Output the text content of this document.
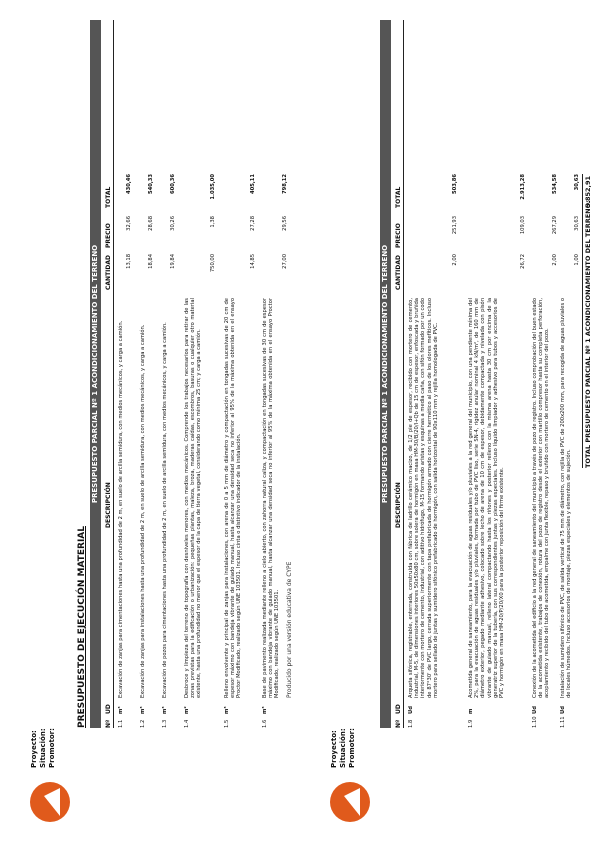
Proyecto: Situación: Promotor:
PRESUPUESTO DE EJECUCIÓN MATERIAL
PRESUPUESTO PARCIAL Nº 1 ACONDICIONAMIENTO DEL TERRENO
Nº
UD
DESCRIPCIÓN
CANTIDAD
PRECIO
TOTAL
1.1
m³
Excavación de zanjas para cimentaciones hasta una profundidad de 2 m, en suelo de arcilla semidura, con medios mecánicos, y carga a camión.
13,18
32,66
430,46
1.2
m³
Excavación de zanjas para instalaciones hasta una profundidad de 2 m, en suelo de arcilla semidura, con medios mecánicos, y carga a camión.
18,84
28,68
540,33
1.3
m³
Excavación de pozos para cimentaciones hasta una profundidad de 2 m, en suelo de arcilla semidura, con medios mecánicos, y carga a camión.
19,84
30,26
600,36
1.4
m²
Desbroce y limpieza del terreno de topografía con desniveles menores, con medios mecánicos. Comprende los trabajos necesarios para retirar de las zonas previstas para la edificación o urbanización: pequeñas plantas, maleza, broza, maderas caídas, escombros, basuras o cualquier otro material existente, hasta una profundidad no menor que el espesor de la capa de tierra vegetal, considerando como mínima 25 cm; y carga a camión.
750,00
1,38
1.035,00
1.5
m³
Relleno envolvente y principal de zanjas para instalaciones, con arena de 0 a 5 mm de diámetro y compactación en tongadas sucesivas de 20 cm de espesor máximo con bandeja vibrante de guiado manual, hasta alcanzar una densidad seca no inferior al 95% de la máxima obtenida en el ensayo Proctor Modificado, realizado según UNE 103501. Incluso cinta o distintivo indicador de la instalación.
14,85
27,28
405,11
1.6
m³
Base de pavimento realizada mediante relleno a cielo abierto, con zahorra natural caliza, y compactación en tongadas sucesivas de 30 cm de espesor máximo con bandeja vibrante de guiado manual, hasta alcanzar una densidad seca no inferior al 95% de la máxima obtenida en el ensayo Proctor Modificado, realizado según UNE 103501.
27,00
29,56
798,12
Producido por una versión educativa de CYPE
Proyecto: Situación: Promotor:
PRESUPUESTO PARCIAL Nº 1 ACONDICIONAMIENTO DEL TERRENO
Nº
UD
DESCRIPCIÓN
CANTIDAD
PRECIO
TOTAL
1.8
Ud
Arqueta sifónica, registrable, enterrada, construida con fábrica de ladrillo cerámico macizo, de 1/2 pie de espesor, recibido con mortero de cemento, industrial, M-5, de dimensiones interiores 50x50x80 cm, sobre solera de hormigón en masa HM-30/B/20/I+Qb de 15 cm de espesor, enfoscada y bruñida interiormente con mortero de cemento, industrial, con aditivo hidrófugo, M-15 formando aristas y esquinas a media caña, con sifón formado por un codo de 87°30' de PVC largo, cerrada superiormente con tapa prefabricada de hormigón armado con cierre hermético al paso de los olores mefíticos. Incluso mortero para sellado de juntas y sumidero sifónico prefabricado de hormigón, con salida horizontal de 90x110 mm y rejilla homologada de PVC.
2,00
251,93
503,86
1.9
m
Acometida general de saneamiento, para la evacuación de aguas residuales y/o pluviales a la red general del municipio, con una pendiente mínima del 2%, para la evacuación de aguas residuales y/o pluviales, formada por tubo de PVC liso, serie SN-4, rigidez anular nominal 4 kN/m², de 160 mm de diámetro exterior, pegado mediante adhesivo, colocado sobre lecho de arena de 10 cm de espesor, debidamente compactada y nivelada con pisón vibrante de guiado manual, relleno lateral compactando hasta los riñones y posterior relleno con la misma arena hasta 30 cm por encima de la generatriz superior de la tubería, con sus correspondientes juntas y piezas especiales. Incluso líquido limpiador y adhesivo para tubos y accesorios de PVC y hormigón en masa HM-20/P/20/X0 para la posterior reposición del firme existente.
26,72
109,03
2.913,28
1.10
Ud
Conexión de la acometida del edificio a la red general de saneamiento del municipio a través de pozo de registro. Incluso comprobación del buen estado de la acometida existente, trabajos de conexión, rotura del pozo de registro desde el exterior con martillo compresor hasta su completa perforación, acoplamiento y recibido del tubo de acometida, empalme con junta flexible, repaso y bruñido con mortero de cemento en el interior del pozo.
2,00
267,29
534,58
1.11
Ud
Instalación de sumidero sifónico de PVC, de salida vertical de 75 mm de diámetro, con rejilla de PVC de 200x200 mm, para recogida de aguas pluviales o de locales húmedos. Incluso accesorios de montaje, piezas especiales y elementos de sujeción.
1,00
30,63
30,63
TOTAL PRESUPUESTO PARCIAL Nº 1 ACONDICIONAMIENTO DEL TERRENO:
5.852,91
